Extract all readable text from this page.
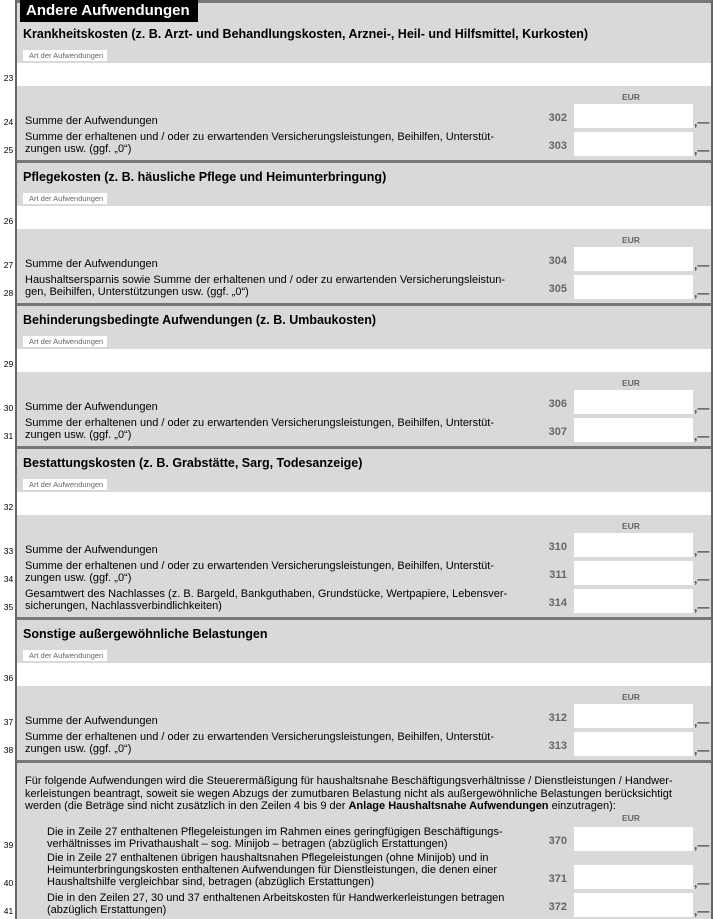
Andere Aufwendungen
Krankheitskosten (z. B. Arzt- und Behandlungskosten, Arznei-, Heil- und Hilfsmittel, Kurkosten)
Art der Aufwendungen
23
EUR
24 Summe der Aufwendungen	302	,—
25
Summe der erhaltenen und / oder zu erwartenden Versicherungsleistungen, Beihilfen, Unterstüt-
zungen usw. (ggf. „0“)	303	,—
Pflegekosten (z. B. häusliche Pflege und Heimunterbringung)
Art der Aufwendungen
26
EUR
27 Summe der Aufwendungen	304	,—
28
Haushaltsersparnis sowie Summe der erhaltenen und / oder zu erwartenden Versicherungsleistun-
gen, Beihilfen, Unterstützungen usw. (ggf. „0“)	305	,—
Behinderungsbedingte Aufwendungen (z. B. Umbaukosten)
Art der Aufwendungen
29
EUR
30 Summe der Aufwendungen	306	,—
31
Summe der erhaltenen und / oder zu erwartenden Versicherungsleistungen, Beihilfen, Unterstüt-
zungen usw. (ggf. „0“)	307	,—
Bestattungskosten (z. B. Grabstätte, Sarg, Todesanzeige)
Art der Aufwendungen
32
EUR
33 Summe der Aufwendungen	310	,—
34
Summe der erhaltenen und / oder zu erwartenden Versicherungsleistungen, Beihilfen, Unterstüt-
zungen usw. (ggf. „0“)	311	,—
35
Gesamtwert des Nachlasses (z. B. Bargeld, Bankguthaben, Grundstücke, Wertpapiere, Lebensver-
sicherungen, Nachlassverbindlichkeiten)	314	,—
Sonstige außergewöhnliche Belastungen
Art der Aufwendungen
36
EUR
37 Summe der Aufwendungen	312	,—
38
Summe der erhaltenen und / oder zu erwartenden Versicherungsleistungen, Beihilfen, Unterstüt-
zungen usw. (ggf. „0“)	313	,—

Für folgende Aufwendungen wird die Steuerermäßigung für haushaltsnahe Beschäftigungsverhältnisse / Dienstleistungen / Handwer-kerleistungen beantragt, soweit sie wegen Abzugs der zumutbaren Belastung nicht als außergewöhnliche Belastungen berücksichtigt werden (die Beträge sind nicht zusätzlich in den Zeilen 4 bis 9 der Anlage Haushaltsnahe Aufwendungen einzutragen):

EUR
39
Die in Zeile 27 enthaltenen Pflegeleistungen im Rahmen eines geringfügigen Beschäftigungs-
verhältnisses im Privathaushalt – sog. Minijob – betragen (abzüglich Erstattungen)	370	,—
40
Die in Zeile 27 enthaltenen übrigen haushaltsnahen Pflegeleistungen (ohne Minijob) und in
Heimunterbringungskosten enthaltenen Aufwendungen für Dienstleistungen, die denen einer
Haushaltshilfe vergleichbar sind, betragen (abzüglich Erstattungen)	371	,—
41
Die in den Zeilen 27, 30 und 37 enthaltenen Arbeitskosten für Handwerkerleistungen betragen
(abzüglich Erstattungen)	372	,—
